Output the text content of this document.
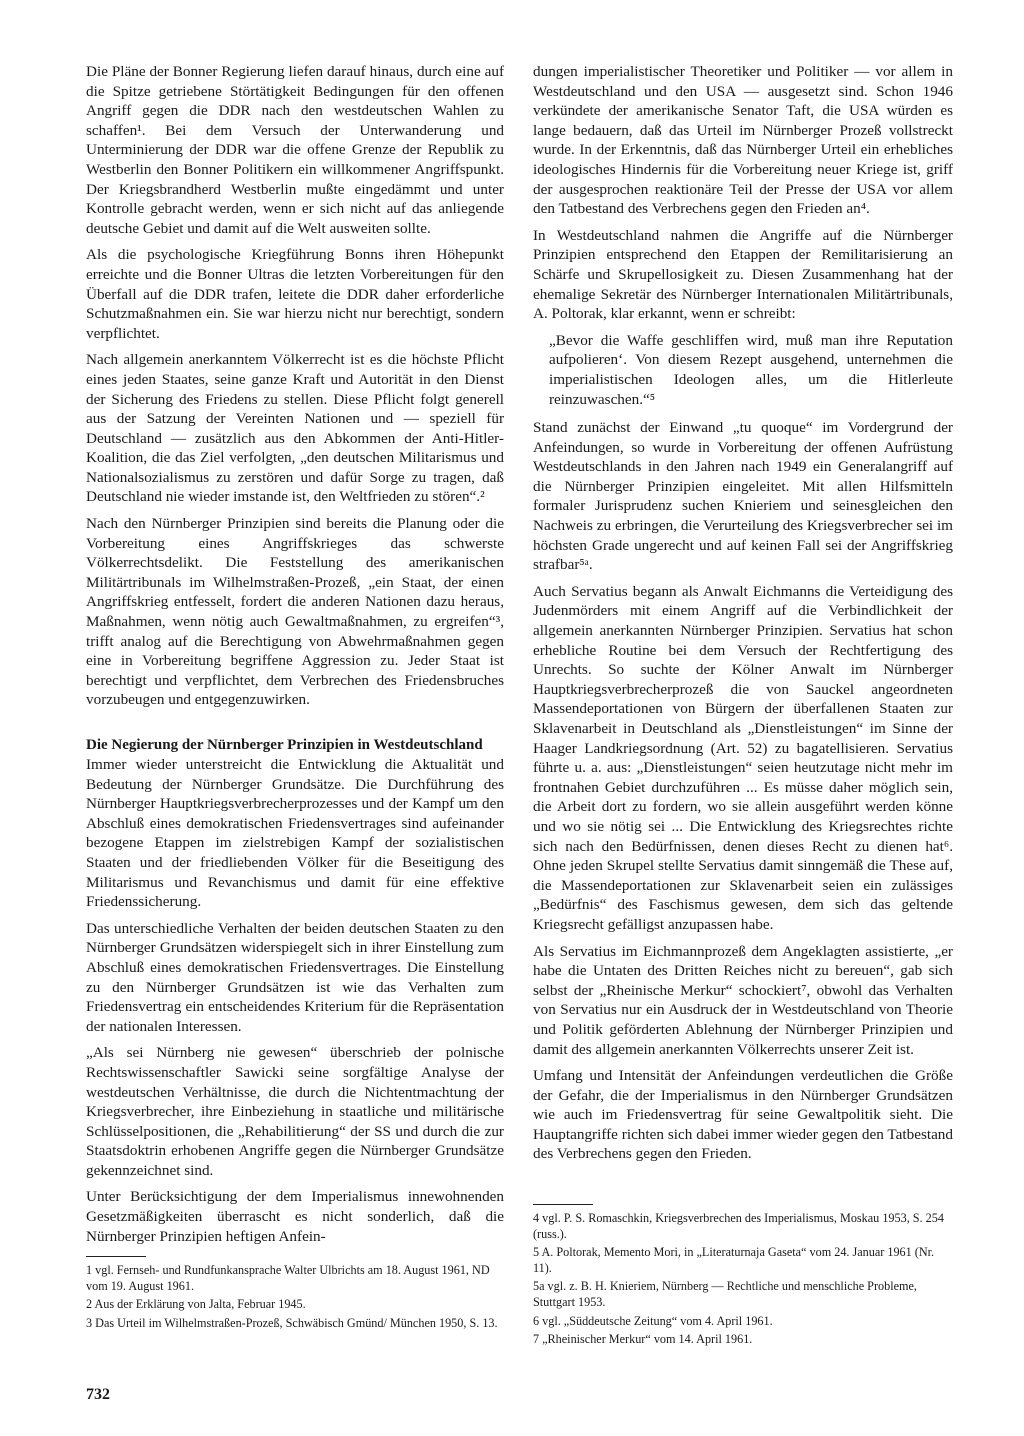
Die Pläne der Bonner Regierung liefen darauf hinaus, durch eine auf die Spitze getriebene Störtätigkeit Bedingungen für den offenen Angriff gegen die DDR nach den westdeutschen Wahlen zu schaffen¹. Bei dem Versuch der Unterwanderung und Unterminierung der DDR war die offene Grenze der Republik zu Westberlin den Bonner Politikern ein willkommener Angriffspunkt. Der Kriegsbrandherd Westberlin mußte eingedämmt und unter Kontrolle gebracht werden, wenn er sich nicht auf das anliegende deutsche Gebiet und damit auf die Welt ausweiten sollte.

Als die psychologische Kriegführung Bonns ihren Höhepunkt erreichte und die Bonner Ultras die letzten Vorbereitungen für den Überfall auf die DDR trafen, leitete die DDR daher erforderliche Schutzmaßnahmen ein. Sie war hierzu nicht nur berechtigt, sondern verpflichtet.

Nach allgemein anerkanntem Völkerrecht ist es die höchste Pflicht eines jeden Staates, seine ganze Kraft und Autorität in den Dienst der Sicherung des Friedens zu stellen. Diese Pflicht folgt generell aus der Satzung der Vereinten Nationen und — speziell für Deutschland — zusätzlich aus den Abkommen der Anti-Hitler-Koalition, die das Ziel verfolgten, „den deutschen Militarismus und Nationalsozialismus zu zerstören und dafür Sorge zu tragen, daß Deutschland nie wieder imstande ist, den Weltfrieden zu stören“.²

Nach den Nürnberger Prinzipien sind bereits die Planung oder die Vorbereitung eines Angriffskrieges das schwerste Völkerrechtsdelikt. Die Feststellung des amerikanischen Militärtribunals im Wilhelmstraßen-Prozeß, „ein Staat, der einen Angriffskrieg entfesselt, fordert die anderen Nationen dazu heraus, Maßnahmen, wenn nötig auch Gewaltmaßnahmen, zu ergreifen“³, trifft analog auf die Berechtigung von Abwehrmaßnahmen gegen eine in Vorbereitung begriffene Aggression zu. Jeder Staat ist berechtigt und verpflichtet, dem Verbrechen des Friedensbruches vorzubeugen und entgegenzuwirken.

Die Negierung der Nürnberger Prinzipien in Westdeutschland

Immer wieder unterstreicht die Entwicklung die Aktualität und Bedeutung der Nürnberger Grundsätze. Die Durchführung des Nürnberger Hauptkriegsverbrecherprozesses und der Kampf um den Abschluß eines demokratischen Friedensvertrages sind aufeinander bezogene Etappen im zielstrebigen Kampf der sozialistischen Staaten und der friedliebenden Völker für die Beseitigung des Militarismus und Revanchismus und damit für eine effektive Friedenssicherung.

Das unterschiedliche Verhalten der beiden deutschen Staaten zu den Nürnberger Grundsätzen widerspiegelt sich in ihrer Einstellung zum Abschluß eines demokratischen Friedensvertrages. Die Einstellung zu den Nürnberger Grundsätzen ist wie das Verhalten zum Friedensvertrag ein entscheidendes Kriterium für die Repräsentation der nationalen Interessen.

„Als sei Nürnberg nie gewesen“ überschrieb der polnische Rechtswissenschaftler Sawicki seine sorgfältige Analyse der westdeutschen Verhältnisse, die durch die Nichtentmachtung der Kriegsverbrecher, ihre Einbeziehung in staatliche und militärische Schlüsselpositionen, die „Rehabilitierung“ der SS und durch die zur Staatsdoktrin erhobenen Angriffe gegen die Nürnberger Grundsätze gekennzeichnet sind.

Unter Berücksichtigung der dem Imperialismus innewohnenden Gesetzmäßigkeiten überrascht es nicht sonderlich, daß die Nürnberger Prinzipien heftigen Anfein-

dungen imperialistischer Theoretiker und Politiker — vor allem in Westdeutschland und den USA — ausgesetzt sind. Schon 1946 verkündete der amerikanische Senator Taft, die USA würden es lange bedauern, daß das Urteil im Nürnberger Prozeß vollstreckt wurde. In der Erkenntnis, daß das Nürnberger Urteil ein erhebliches ideologisches Hindernis für die Vorbereitung neuer Kriege ist, griff der ausgesprochen reaktionäre Teil der Presse der USA vor allem den Tatbestand des Verbrechens gegen den Frieden an⁴.

In Westdeutschland nahmen die Angriffe auf die Nürnberger Prinzipien entsprechend den Etappen der Remilitarisierung an Schärfe und Skrupellosigkeit zu. Diesen Zusammenhang hat der ehemalige Sekretär des Nürnberger Internationalen Militärtribunals, A. Poltorak, klar erkannt, wenn er schreibt:

„Bevor die Waffe geschliffen wird, muß man ihre Reputation aufpolieren‘. Von diesem Rezept ausgehend, unternehmen die imperialistischen Ideologen alles, um die Hitlerleute reinzuwaschen.“⁵

Stand zunächst der Einwand „tu quoque“ im Vordergrund der Anfeindungen, so wurde in Vorbereitung der offenen Aufrüstung Westdeutschlands in den Jahren nach 1949 ein Generalangriff auf die Nürnberger Prinzipien eingeleitet. Mit allen Hilfsmitteln formaler Jurisprudenz suchen Knieriem und seinesgleichen den Nachweis zu erbringen, die Verurteilung des Kriegsverbrecher sei im höchsten Grade ungerecht und auf keinen Fall sei der Angriffskrieg strafbar⁵ᵃ.

Auch Servatius begann als Anwalt Eichmanns die Verteidigung des Judenmörders mit einem Angriff auf die Verbindlichkeit der allgemein anerkannten Nürnberger Prinzipien. Servatius hat schon erhebliche Routine bei dem Versuch der Rechtfertigung des Unrechts. So suchte der Kölner Anwalt im Nürnberger Hauptkriegsverbrecherprozeß die von Sauckel angeordneten Massendeportationen von Bürgern der überfallenen Staaten zur Sklavenarbeit in Deutschland als „Dienstleistungen“ im Sinne der Haager Landkriegsordnung (Art. 52) zu bagatellisieren. Servatius führte u. a. aus: „Dienstleistungen“ seien heutzutage nicht mehr im frontnahen Gebiet durchzuführen ... Es müsse daher möglich sein, die Arbeit dort zu fordern, wo sie allein ausgeführt werden könne und wo sie nötig sei ... Die Entwicklung des Kriegsrechtes richte sich nach den Bedürfnissen, denen dieses Recht zu dienen hat⁶. Ohne jeden Skrupel stellte Servatius damit sinngemäß die These auf, die Massendeportationen zur Sklavenarbeit seien ein zulässiges „Bedürfnis“ des Faschismus gewesen, dem sich das geltende Kriegsrecht gefälligst anzupassen habe.

Als Servatius im Eichmannprozeß dem Angeklagten assistierte, „er habe die Untaten des Dritten Reiches nicht zu bereuen“, gab sich selbst der „Rheinische Merkur“ schockiert⁷, obwohl das Verhalten von Servatius nur ein Ausdruck der in Westdeutschland von Theorie und Politik geförderten Ablehnung der Nürnberger Prinzipien und damit des allgemein anerkannten Völkerrechts unserer Zeit ist.

Umfang und Intensität der Anfeindungen verdeutlichen die Größe der Gefahr, die der Imperialismus in den Nürnberger Grundsätzen wie auch im Friedensvertrag für seine Gewaltpolitik sieht. Die Hauptangriffe richten sich dabei immer wieder gegen den Tatbestand des Verbrechens gegen den Frieden.

1 vgl. Fernseh- und Rundfunkansprache Walter Ulbrichts am 18. August 1961, ND vom 19. August 1961.

2 Aus der Erklärung von Jalta, Februar 1945.

3 Das Urteil im Wilhelmstraßen-Prozeß, Schwäbisch Gmünd/ München 1950, S. 13.

4 vgl. P. S. Romaschkin, Kriegsverbrechen des Imperialismus, Moskau 1953, S. 254 (russ.).

5 A. Poltorak, Memento Mori, in „Literaturnaja Gaseta“ vom 24. Januar 1961 (Nr. 11).

5a vgl. z. B. H. Knieriem, Nürnberg — Rechtliche und menschliche Probleme, Stuttgart 1953.

6 vgl. „Süddeutsche Zeitung“ vom 4. April 1961.

7 „Rheinischer Merkur“ vom 14. April 1961.

732
